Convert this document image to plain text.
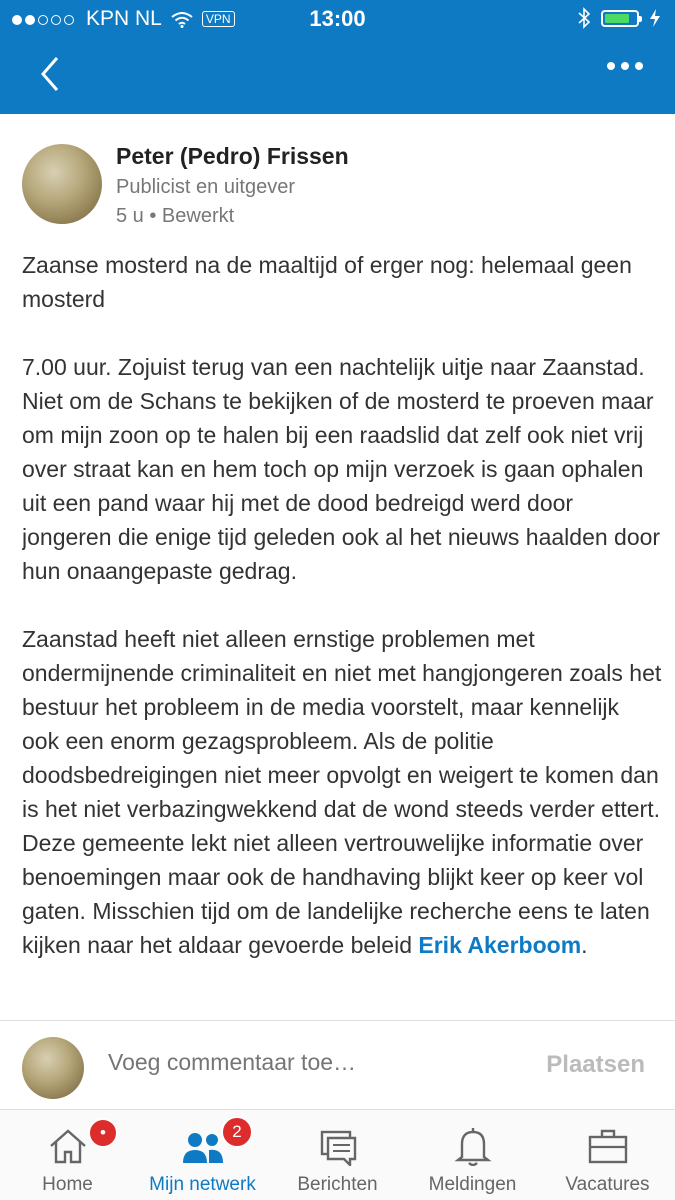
KPN NL	VPN	13:00
Peter (Pedro) Frissen
Publicist en uitgever
5 u • Bewerkt

Zaanse mosterd na de maaltijd of erger nog: helemaal geen mosterd

7.00 uur. Zojuist terug van een nachtelijk uitje naar Zaanstad. Niet om de Schans te bekijken of de mosterd te proeven maar om mijn zoon op te halen bij een raadslid dat zelf ook niet vrij over straat kan en hem toch op mijn verzoek is gaan ophalen uit een pand waar hij met de dood bedreigd werd door jongeren die enige tijd geleden ook al het nieuws haalden door hun onaangepaste gedrag.

Zaanstad heeft niet alleen ernstige problemen met ondermijnende criminaliteit en niet met hangjongeren zoals het bestuur het probleem in de media voorstelt, maar kennelijk ook een enorm gezagsprobleem. Als de politie doodsbedreigingen niet meer opvolgt en weigert te komen dan is het niet verbazingwekkend dat de wond steeds verder ettert. Deze gemeente lekt niet alleen vertrouwelijke informatie over benoemingen maar ook de handhaving blijkt keer op keer vol gaten. Misschien tijd om de landelijke recherche eens te laten kijken naar het aldaar gevoerde beleid Erik Akerboom.

Voeg commentaar toe…
Plaatsen
•
Home
2
Mijn netwerk	Berichten	Meldingen	Vacatures
